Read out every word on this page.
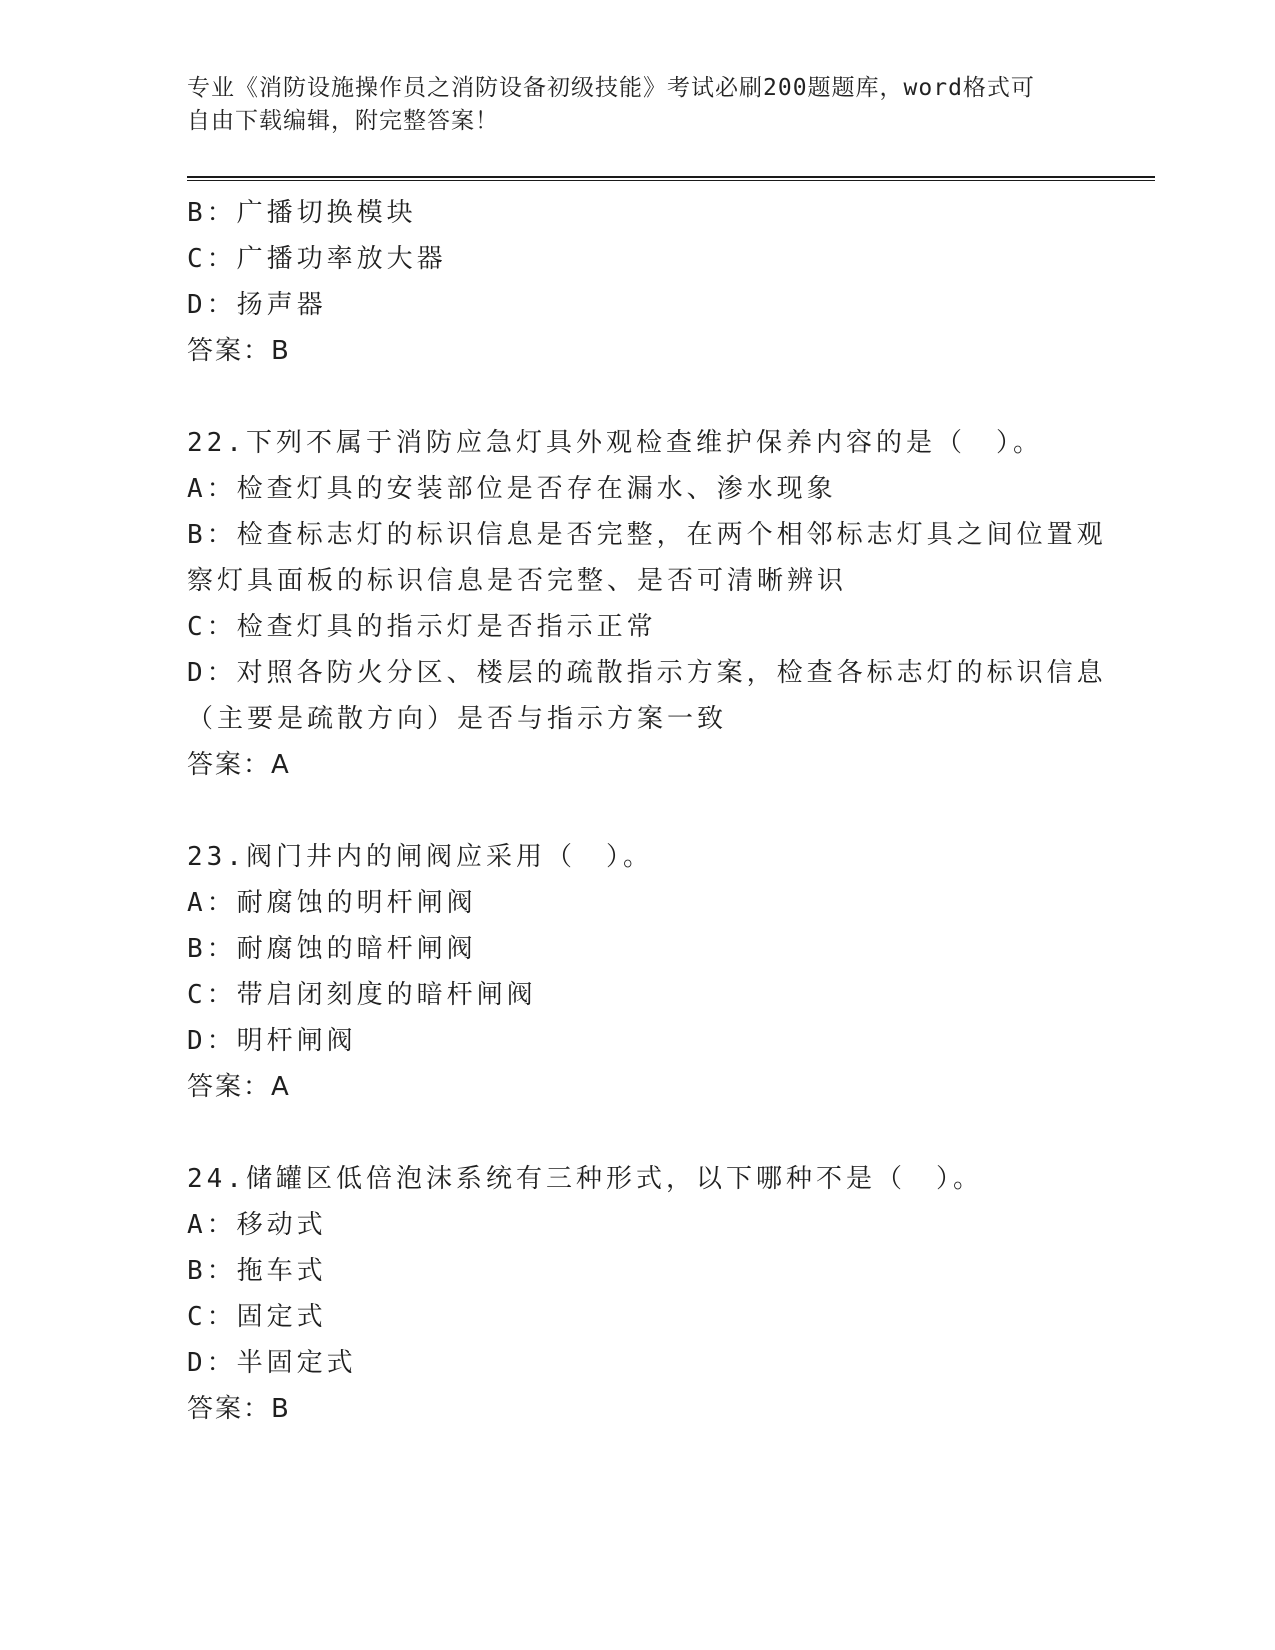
专业《消防设施操作员之消防设备初级技能》考试必刷200题题库，word格式可
自由下载编辑，附完整答案！
B：广播切换模块
C：广播功率放大器
D：扬声器
答案：B
22.下列不属于消防应急灯具外观检查维护保养内容的是（　）。
A：检查灯具的安装部位是否存在漏水、渗水现象
B：检查标志灯的标识信息是否完整，在两个相邻标志灯具之间位置观
察灯具面板的标识信息是否完整、是否可清晰辨识
C：检查灯具的指示灯是否指示正常
D：对照各防火分区、楼层的疏散指示方案，检查各标志灯的标识信息
（主要是疏散方向）是否与指示方案一致
答案：A
23.阀门井内的闸阀应采用（　）。
A：耐腐蚀的明杆闸阀
B：耐腐蚀的暗杆闸阀
C：带启闭刻度的暗杆闸阀
D：明杆闸阀
答案：A
24.储罐区低倍泡沫系统有三种形式，以下哪种不是（　）。
A：移动式
B：拖车式
C：固定式
D：半固定式
答案：B
